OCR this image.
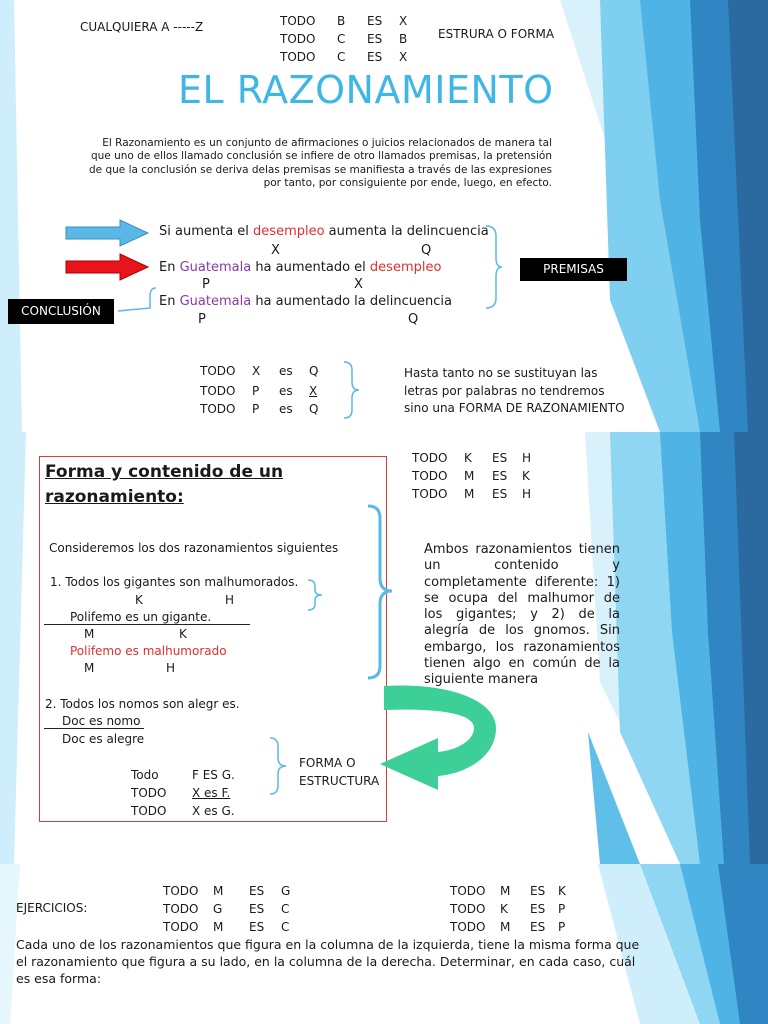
CUALQUIERA A -----Z	TODO B ES X
TODO C ES B
TODO C ES X
ESTRURA O FORMA
EL RAZONAMIENTO
El Razonamiento es un conjunto de afirmaciones o juicios relacionados de manera tal que uno de ellos llamado conclusión se infiere de otro llamados premisas, la pretensión de que la conclusión se deriva delas premisas se manifiesta a través de las expresiones por tanto, por consiguiente por ende, luego, en efecto.
Si aumenta el desempleo aumenta la delincuencia
X	Q
En Guatemala ha aumentado el desempleo
P	X
En Guatemala ha aumentado la delincuencia
P	Q
PREMISAS
CONCLUSIÓN
TODO X es Q
TODO P es X
TODO P es Q
Hasta tanto no se sustituyan las
letras por palabras no tendremos
sino una FORMA DE RAZONAMIENTO
Forma y contenido de un
razonamiento:
Consideremos los dos razonamientos siguientes
1. Todos los gigantes son malhumorados.
K	H
Polifemo es un gigante.
M	K
Polifemo es malhumorado
M	H
2. Todos los nomos son alegr es.
Doc es nomo
Doc es alegre
Todo	F ES G.
TODO X es F.
TODO X es G.
FORMA O
ESTRUCTURA
TODO K ES H
TODO M ES K
TODO M ES H
Ambos razonamientos tienen un contenido y completamente diferente: 1) se ocupa del malhumor de los gigantes; y 2) de la alegría de los gnomos. Sin embargo, los razonamientos tienen algo en común de la siguiente manera
EJERCICIOS:
TODO M ES G
TODO G ES C
TODO M ES C
TODO M ES K
TODO K ES P
TODO M ES P
Cada uno de los razonamientos que figura en la columna de la izquierda, tiene la misma forma que el razonamiento que figura a su lado, en la columna de la derecha. Determinar, en cada caso, cuál es esa forma:
